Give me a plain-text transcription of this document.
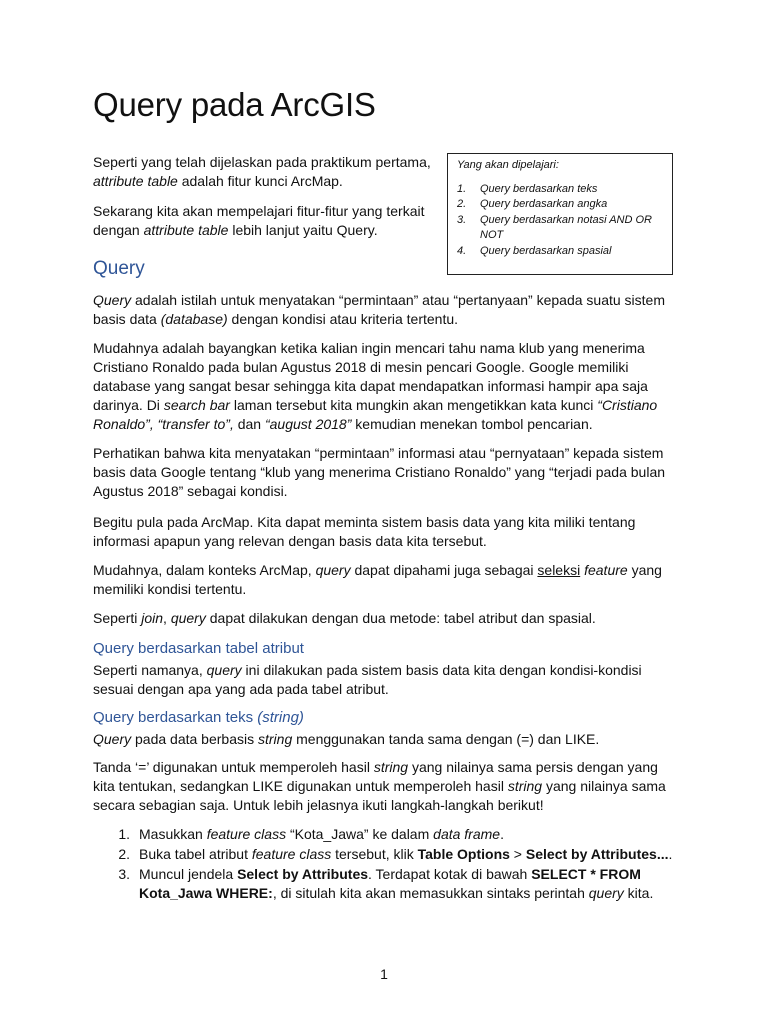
Query pada ArcGIS

Seperti yang telah dijelaskan pada praktikum pertama, attribute table adalah fitur kunci ArcMap.

Sekarang kita akan mempelajari fitur-fitur yang terkait dengan attribute table lebih lanjut yaitu Query.

Yang akan dipelajari:

1.	Query berdasarkan teks
2.	Query berdasarkan angka
3.	Query berdasarkan notasi AND OR NOT
4.	Query berdasarkan spasial
Query

Query adalah istilah untuk menyatakan “permintaan” atau “pertanyaan” kepada suatu sistem basis data (database) dengan kondisi atau kriteria tertentu.

Mudahnya adalah bayangkan ketika kalian ingin mencari tahu nama klub yang menerima Cristiano Ronaldo pada bulan Agustus 2018 di mesin pencari Google. Google memiliki database yang sangat besar sehingga kita dapat mendapatkan informasi hampir apa saja darinya. Di search bar laman tersebut kita mungkin akan mengetikkan kata kunci “Cristiano Ronaldo”, “transfer to”, dan “august 2018” kemudian menekan tombol pencarian.

Perhatikan bahwa kita menyatakan “permintaan” informasi atau “pernyataan” kepada sistem basis data Google tentang “klub yang menerima Cristiano Ronaldo” yang “terjadi pada bulan Agustus 2018” sebagai kondisi.

Begitu pula pada ArcMap. Kita dapat meminta sistem basis data yang kita miliki tentang informasi apapun yang relevan dengan basis data kita tersebut.

Mudahnya, dalam konteks ArcMap, query dapat dipahami juga sebagai seleksi feature yang memiliki kondisi tertentu.

Seperti join, query dapat dilakukan dengan dua metode: tabel atribut dan spasial.

Query berdasarkan tabel atribut

Seperti namanya, query ini dilakukan pada sistem basis data kita dengan kondisi-kondisi sesuai dengan apa yang ada pada tabel atribut.

Query berdasarkan teks (string)

Query pada data berbasis string menggunakan tanda sama dengan (=) dan LIKE.

Tanda ‘=’ digunakan untuk memperoleh hasil string yang nilainya sama persis dengan yang kita tentukan, sedangkan LIKE digunakan untuk memperoleh hasil string yang nilainya sama secara sebagian saja. Untuk lebih jelasnya ikuti langkah-langkah berikut!

1. Masukkan feature class “Kota_Jawa” ke dalam data frame.
2. Buka tabel atribut feature class tersebut, klik Table Options > Select by Attributes....
3. Muncul jendela Select by Attributes. Terdapat kotak di bawah SELECT * FROM Kota_Jawa WHERE:, di situlah kita akan memasukkan sintaks perintah query kita.
1
